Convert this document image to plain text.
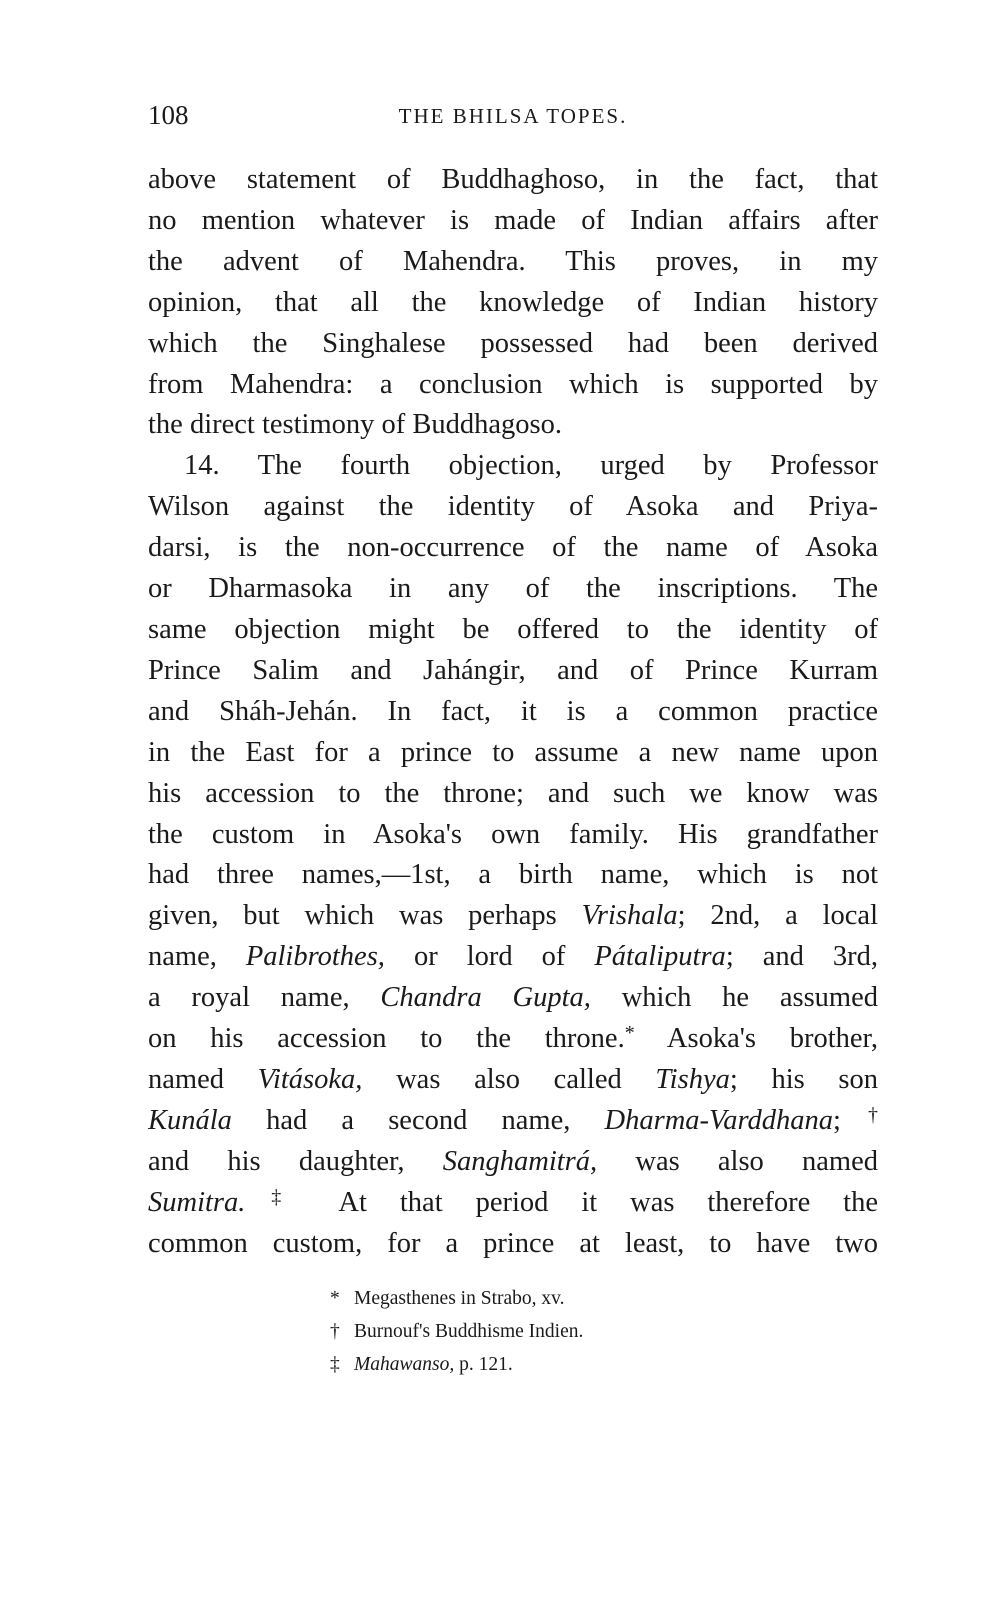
108	THE BHILSA TOPES.

above statement of Buddhaghoso, in the fact, that
no mention whatever is made of Indian affairs after
the advent of Mahendra. This proves, in my
opinion, that all the knowledge of Indian history
which the Singhalese possessed had been derived
from Mahendra: a conclusion which is supported by
the direct testimony of Buddhagoso.

14. The fourth objection, urged by Professor
Wilson against the identity of Asoka and Priya-
darsi, is the non-occurrence of the name of Asoka
or Dharmasoka in any of the inscriptions. The
same objection might be offered to the identity of
Prince Salim and Jahángir, and of Prince Kurram
and Sháh-Jehán. In fact, it is a common practice
in the East for a prince to assume a new name upon
his accession to the throne; and such we know was
the custom in Asoka's own family. His grandfather
had three names,—1st, a birth name, which is not
given, but which was perhaps Vrishala; 2nd, a local
name, Palibrothes, or lord of Pátaliputra; and 3rd,
a royal name, Chandra Gupta, which he assumed
on his accession to the throne.* Asoka's brother,
named Vitásoka, was also called Tishya; his son
Kunála had a second name, Dharma-Varddhana;†
and his daughter, Sanghamitrá, was also named
Sumitra.‡ At that period it was therefore the
common custom, for a prince at least, to have two

* Megasthenes in Strabo, xv.
† Burnouf's Buddhisme Indien.
‡ Mahawanso, p. 121.
